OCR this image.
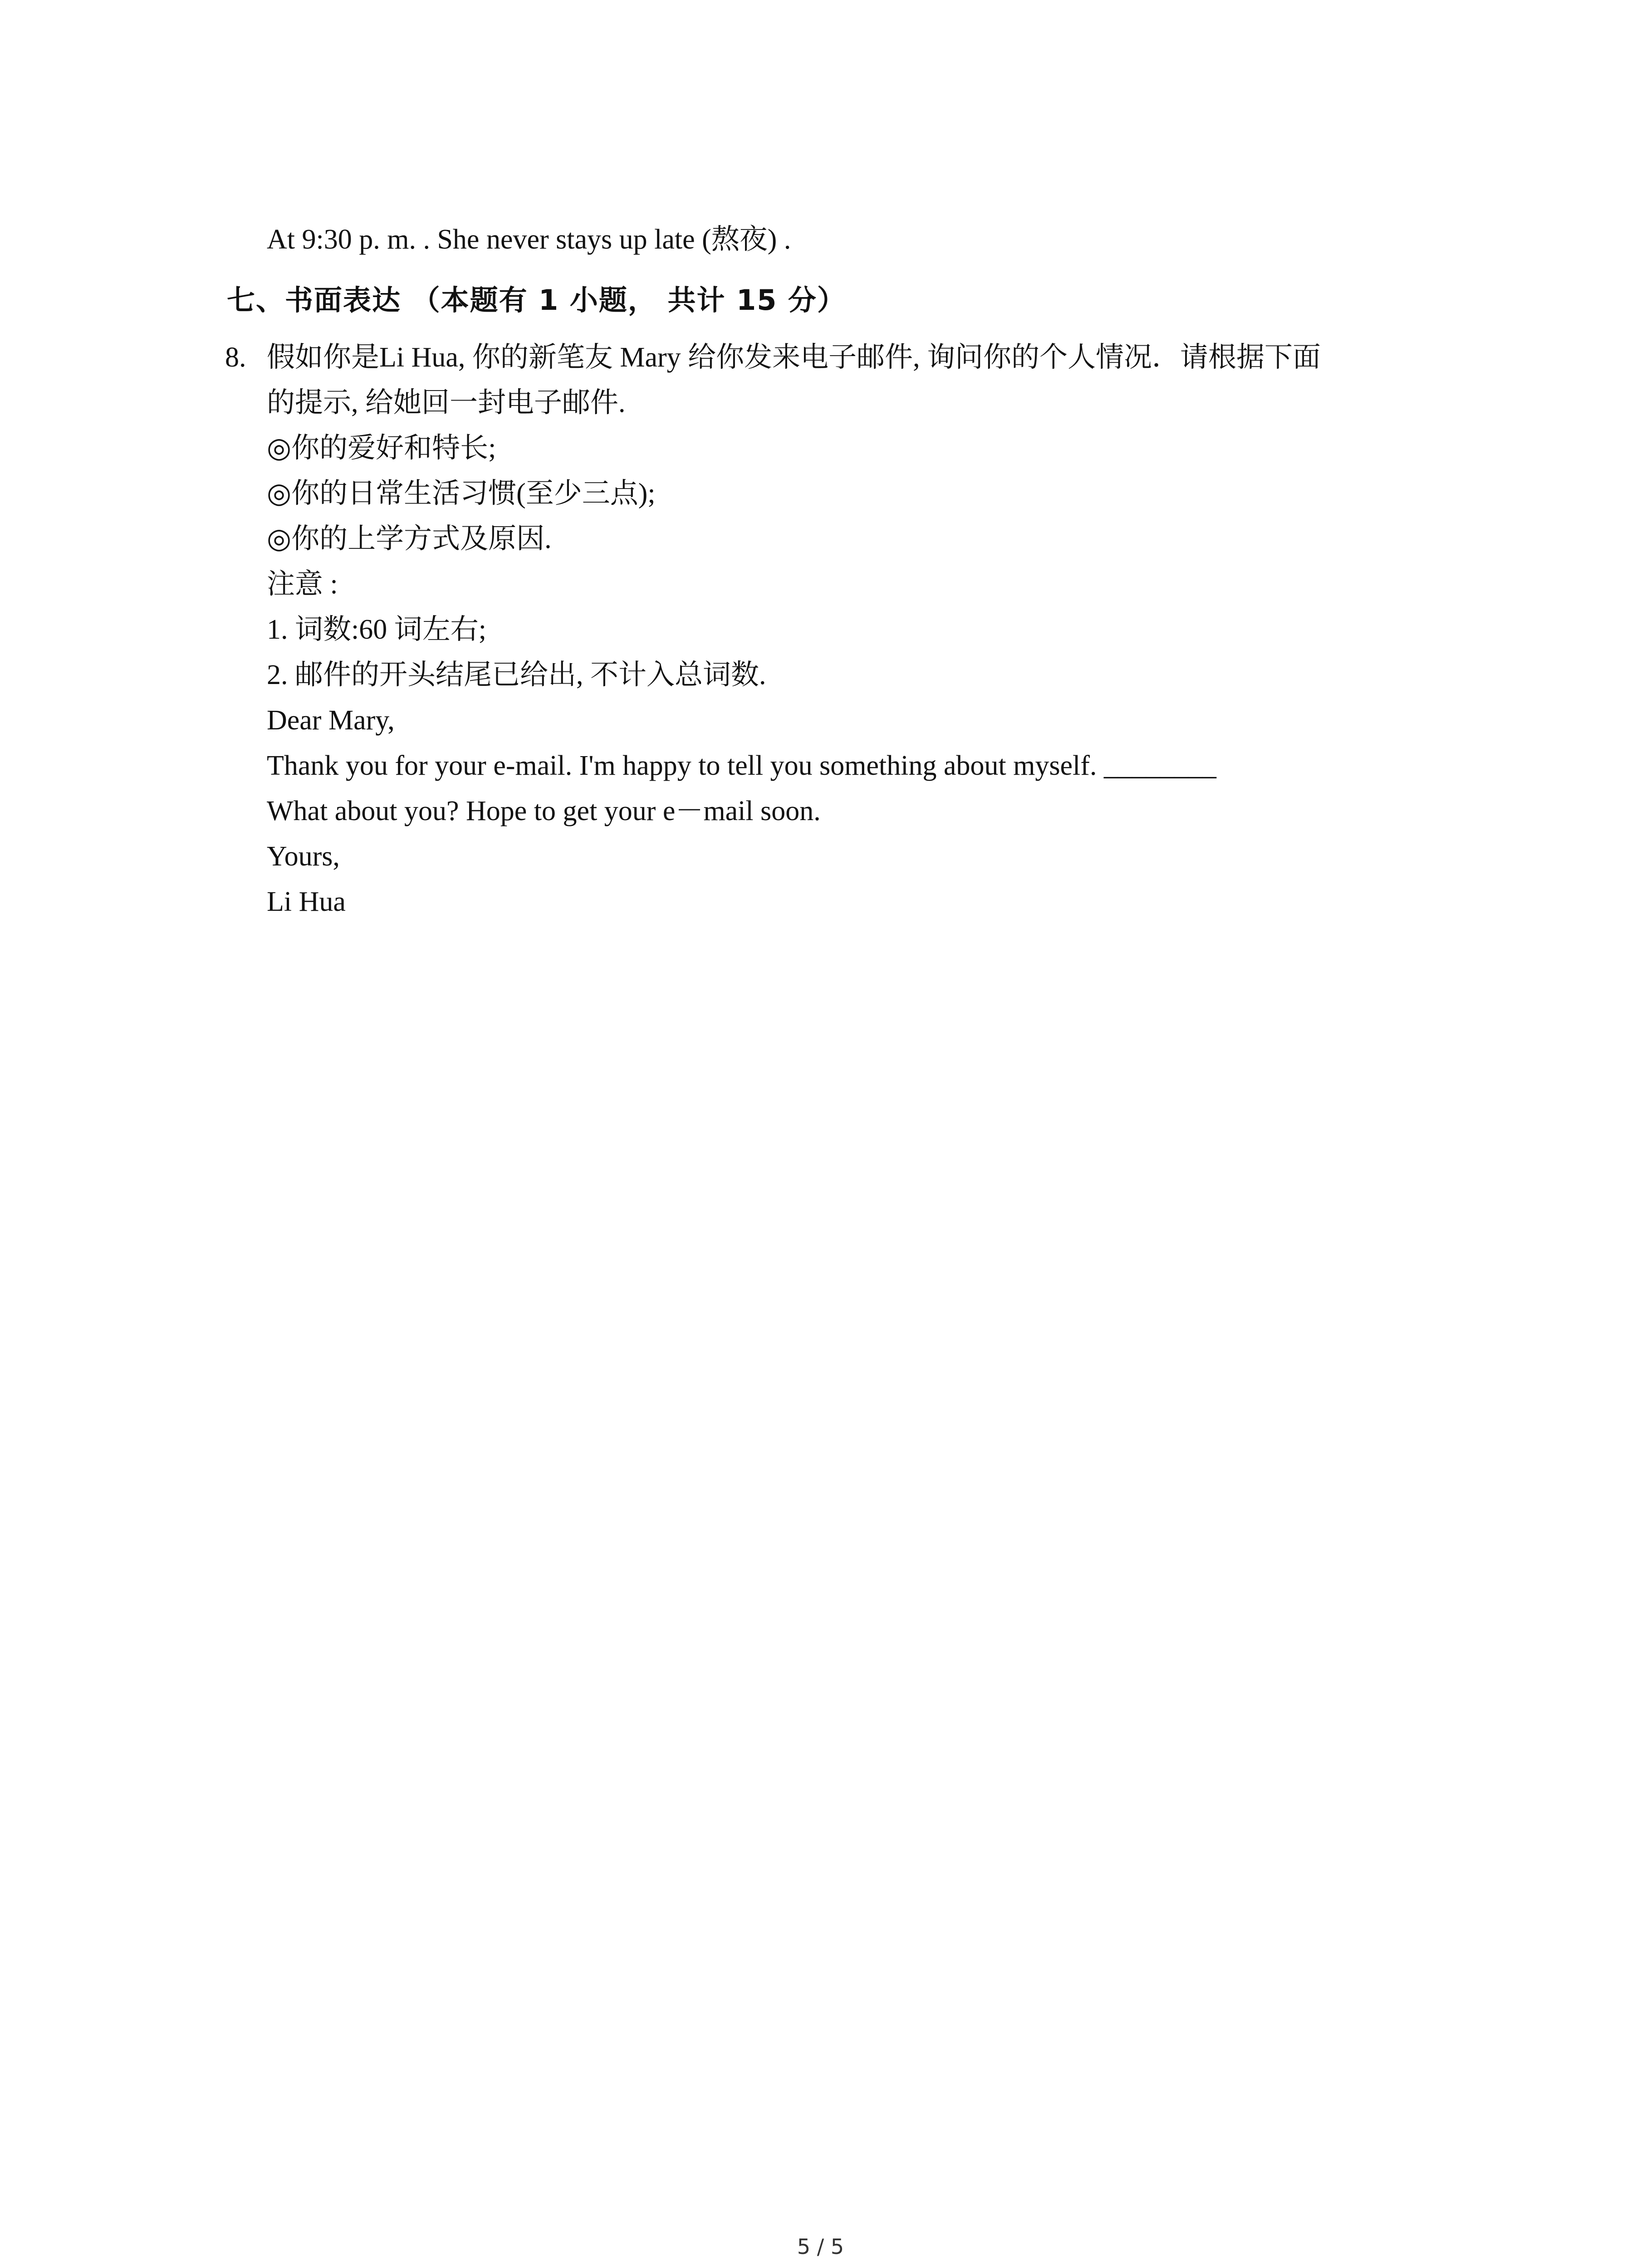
At 9:30 p. m. . She never stays up late (熬夜) .
七、书面表达 （本题有 1 小题， 共计 15 分）
8. 假如你是Li Hua, 你的新笔友 Mary 给你发来电子邮件, 询问你的个人情况．请根据下面
的提示, 给她回一封电子邮件.
◎你的爱好和特长;
◎你的日常生活习惯(至少三点);
◎你的上学方式及原因.
注意 :
1. 词数:60 词左右;
2. 邮件的开头结尾已给出, 不计入总词数.
Dear Mary,
Thank you for your e-mail. I'm happy to tell you something about myself. ________
What about you? Hope to get your e－mail soon.
Yours,
Li Hua
5 / 5
